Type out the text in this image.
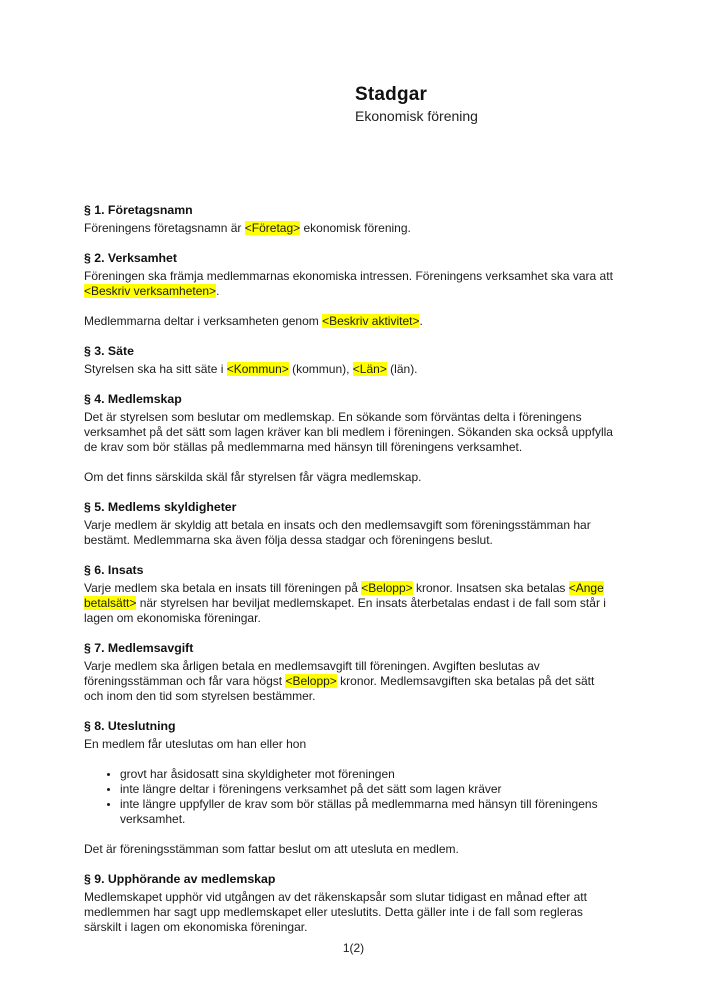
Stadgar

Ekonomisk förening

§ 1. Företagsnamn

Föreningens företagsnamn är <Företag> ekonomisk förening.

§ 2. Verksamhet

Föreningen ska främja medlemmarnas ekonomiska intressen. Föreningens verksamhet ska vara att <Beskriv verksamheten>.

Medlemmarna deltar i verksamheten genom <Beskriv aktivitet>.

§ 3. Säte

Styrelsen ska ha sitt säte i <Kommun> (kommun), <Län> (län).

§ 4. Medlemskap

Det är styrelsen som beslutar om medlemskap. En sökande som förväntas delta i föreningens verksamhet på det sätt som lagen kräver kan bli medlem i föreningen. Sökanden ska också uppfylla de krav som bör ställas på medlemmarna med hänsyn till föreningens verksamhet.

Om det finns särskilda skäl får styrelsen får vägra medlemskap.

§ 5. Medlems skyldigheter

Varje medlem är skyldig att betala en insats och den medlemsavgift som föreningsstämman har bestämt. Medlemmarna ska även följa dessa stadgar och föreningens beslut.

§ 6. Insats

Varje medlem ska betala en insats till föreningen på <Belopp> kronor. Insatsen ska betalas <Ange betalsätt> när styrelsen har beviljat medlemskapet. En insats återbetalas endast i de fall som står i lagen om ekonomiska föreningar.

§ 7. Medlemsavgift

Varje medlem ska årligen betala en medlemsavgift till föreningen. Avgiften beslutas av föreningsstämman och får vara högst <Belopp> kronor. Medlemsavgiften ska betalas på det sätt och inom den tid som styrelsen bestämmer.

§ 8. Uteslutning

En medlem får uteslutas om han eller hon

• grovt har åsidosatt sina skyldigheter mot föreningen
• inte längre deltar i föreningens verksamhet på det sätt som lagen kräver
• inte längre uppfyller de krav som bör ställas på medlemmarna med hänsyn till föreningens verksamhet.

Det är föreningsstämman som fattar beslut om att utesluta en medlem.

§ 9. Upphörande av medlemskap

Medlemskapet upphör vid utgången av det räkenskapsår som slutar tidigast en månad efter att medlemmen har sagt upp medlemskapet eller uteslutits. Detta gäller inte i de fall som regleras särskilt i lagen om ekonomiska föreningar.

1(2)
